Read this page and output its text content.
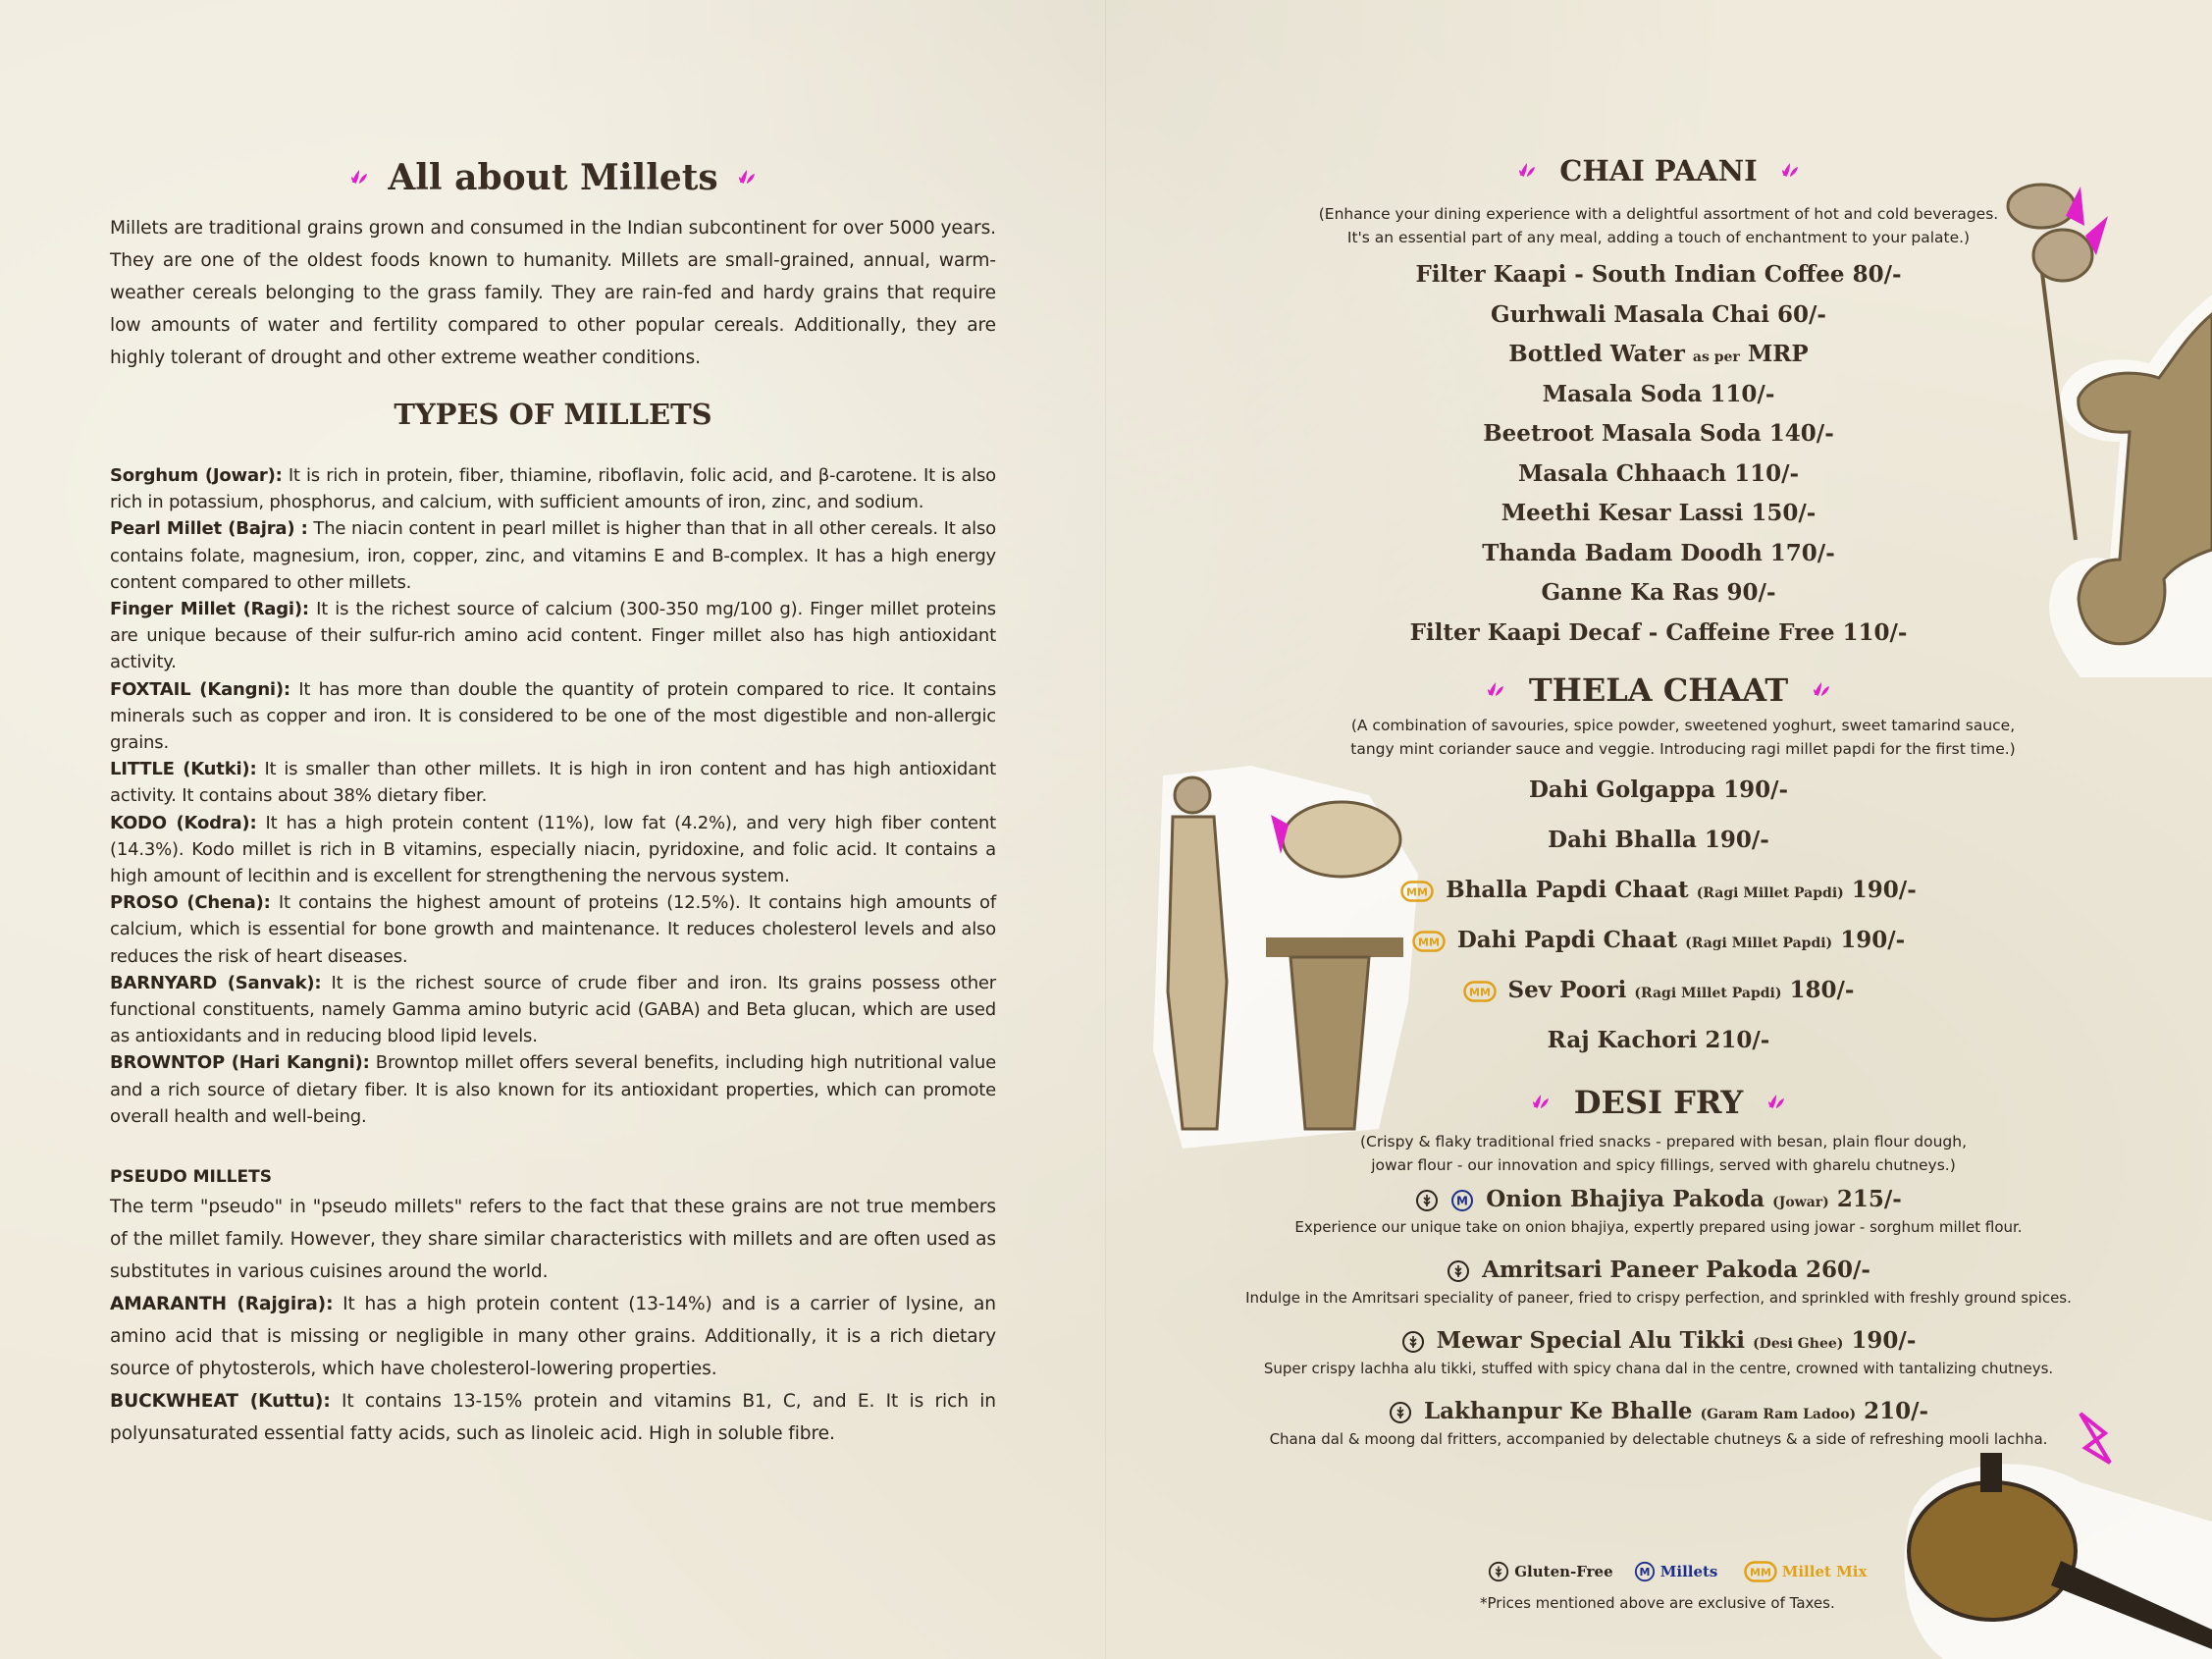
All about Millets
Millets are traditional grains grown and consumed in the Indian subcontinent for over 5000 years. They are one of the oldest foods known to humanity. Millets are small-grained, annual, warm-weather cereals belonging to the grass family. They are rain-fed and hardy grains that require low amounts of water and fertility compared to other popular cereals. Additionally, they are highly tolerant of drought and other extreme weather conditions.
TYPES OF MILLETS

Sorghum (Jowar): It is rich in protein, fiber, thiamine, riboflavin, folic acid, and β-carotene. It is also rich in potassium, phosphorus, and calcium, with sufficient amounts of iron, zinc, and sodium.

Pearl Millet (Bajra) : The niacin content in pearl millet is higher than that in all other cereals. It also contains folate, magnesium, iron, copper, zinc, and vitamins E and B-complex. It has a high energy content compared to other millets.

Finger Millet (Ragi): It is the richest source of calcium (300-350 mg/100 g). Finger millet proteins are unique because of their sulfur-rich amino acid content. Finger millet also has high antioxidant activity.

FOXTAIL (Kangni): It has more than double the quantity of protein compared to rice. It contains minerals such as copper and iron. It is considered to be one of the most digestible and non-allergic grains.

LITTLE (Kutki): It is smaller than other millets. It is high in iron content and has high antioxidant activity. It contains about 38% dietary fiber.

KODO (Kodra): It has a high protein content (11%), low fat (4.2%), and very high fiber content (14.3%). Kodo millet is rich in B vitamins, especially niacin, pyridoxine, and folic acid. It contains a high amount of lecithin and is excellent for strengthening the nervous system.

PROSO (Chena): It contains the highest amount of proteins (12.5%). It contains high amounts of calcium, which is essential for bone growth and maintenance. It reduces cholesterol levels and also reduces the risk of heart diseases.

BARNYARD (Sanvak): It is the richest source of crude fiber and iron. Its grains possess other functional constituents, namely Gamma amino butyric acid (GABA) and Beta glucan, which are used as antioxidants and in reducing blood lipid levels.

BROWNTOP (Hari Kangni): Browntop millet offers several benefits, including high nutritional value and a rich source of dietary fiber. It is also known for its antioxidant properties, which can promote overall health and well-being.

PSEUDO MILLETS

The term "pseudo" in "pseudo millets" refers to the fact that these grains are not true members of the millet family. However, they share similar characteristics with millets and are often used as substitutes in various cuisines around the world.

AMARANTH (Rajgira): It has a high protein content (13-14%) and is a carrier of lysine, an amino acid that is missing or negligible in many other grains. Additionally, it is a rich dietary source of phytosterols, which have cholesterol-lowering properties.

BUCKWHEAT (Kuttu): It contains 13-15% protein and vitamins B1, C, and E. It is rich in polyunsaturated essential fatty acids, such as linoleic acid. High in soluble fibre.

CHAI PAANI
(Enhance your dining experience with a delightful assortment of hot and cold beverages.
It's an essential part of any meal, adding a touch of enchantment to your palate.)
Filter Kaapi - South Indian Coffee 80/-
Gurhwali Masala Chai 60/-
Bottled Water as per MRP
Masala Soda 110/-
Beetroot Masala Soda 140/-
Masala Chhaach 110/-
Meethi Kesar Lassi 150/-
Thanda Badam Doodh 170/-
Ganne Ka Ras 90/-
Filter Kaapi Decaf - Caffeine Free 110/-
THELA CHAAT
(A combination of savouries, spice powder, sweetened yoghurt, sweet tamarind sauce,
tangy mint coriander sauce and veggie. Introducing ragi millet papdi for the first time.)
Dahi Golgappa 190/-
Dahi Bhalla 190/-
MM Bhalla Papdi Chaat (Ragi Millet Papdi) 190/-
MM Dahi Papdi Chaat (Ragi Millet Papdi) 190/-
MM Sev Poori (Ragi Millet Papdi) 180/-
Raj Kachori 210/-
DESI FRY
(Crispy & flaky traditional fried snacks - prepared with besan, plain flour dough,
jowar flour - our innovation and spicy fillings, served with gharelu chutneys.)

M Onion Bhajiya Pakoda (Jowar) 215/-
Experience our unique take on onion bhajiya, expertly prepared using jowar - sorghum millet flour.
Amritsari Paneer Pakoda 260/-
Indulge in the Amritsari speciality of paneer, fried to crispy perfection, and sprinkled with freshly ground spices.
Mewar Special Alu Tikki (Desi Ghee) 190/-
Super crispy lachha alu tikki, stuffed with spicy chana dal in the centre, crowned with tantalizing chutneys.
Lakhanpur Ke Bhalle (Garam Ram Ladoo) 210/-
Chana dal & moong dal fritters, accompanied by delectable chutneys & a side of refreshing mooli lachha.
Gluten-Free M Millets	MM Millet Mix
*Prices mentioned above are exclusive of Taxes.
